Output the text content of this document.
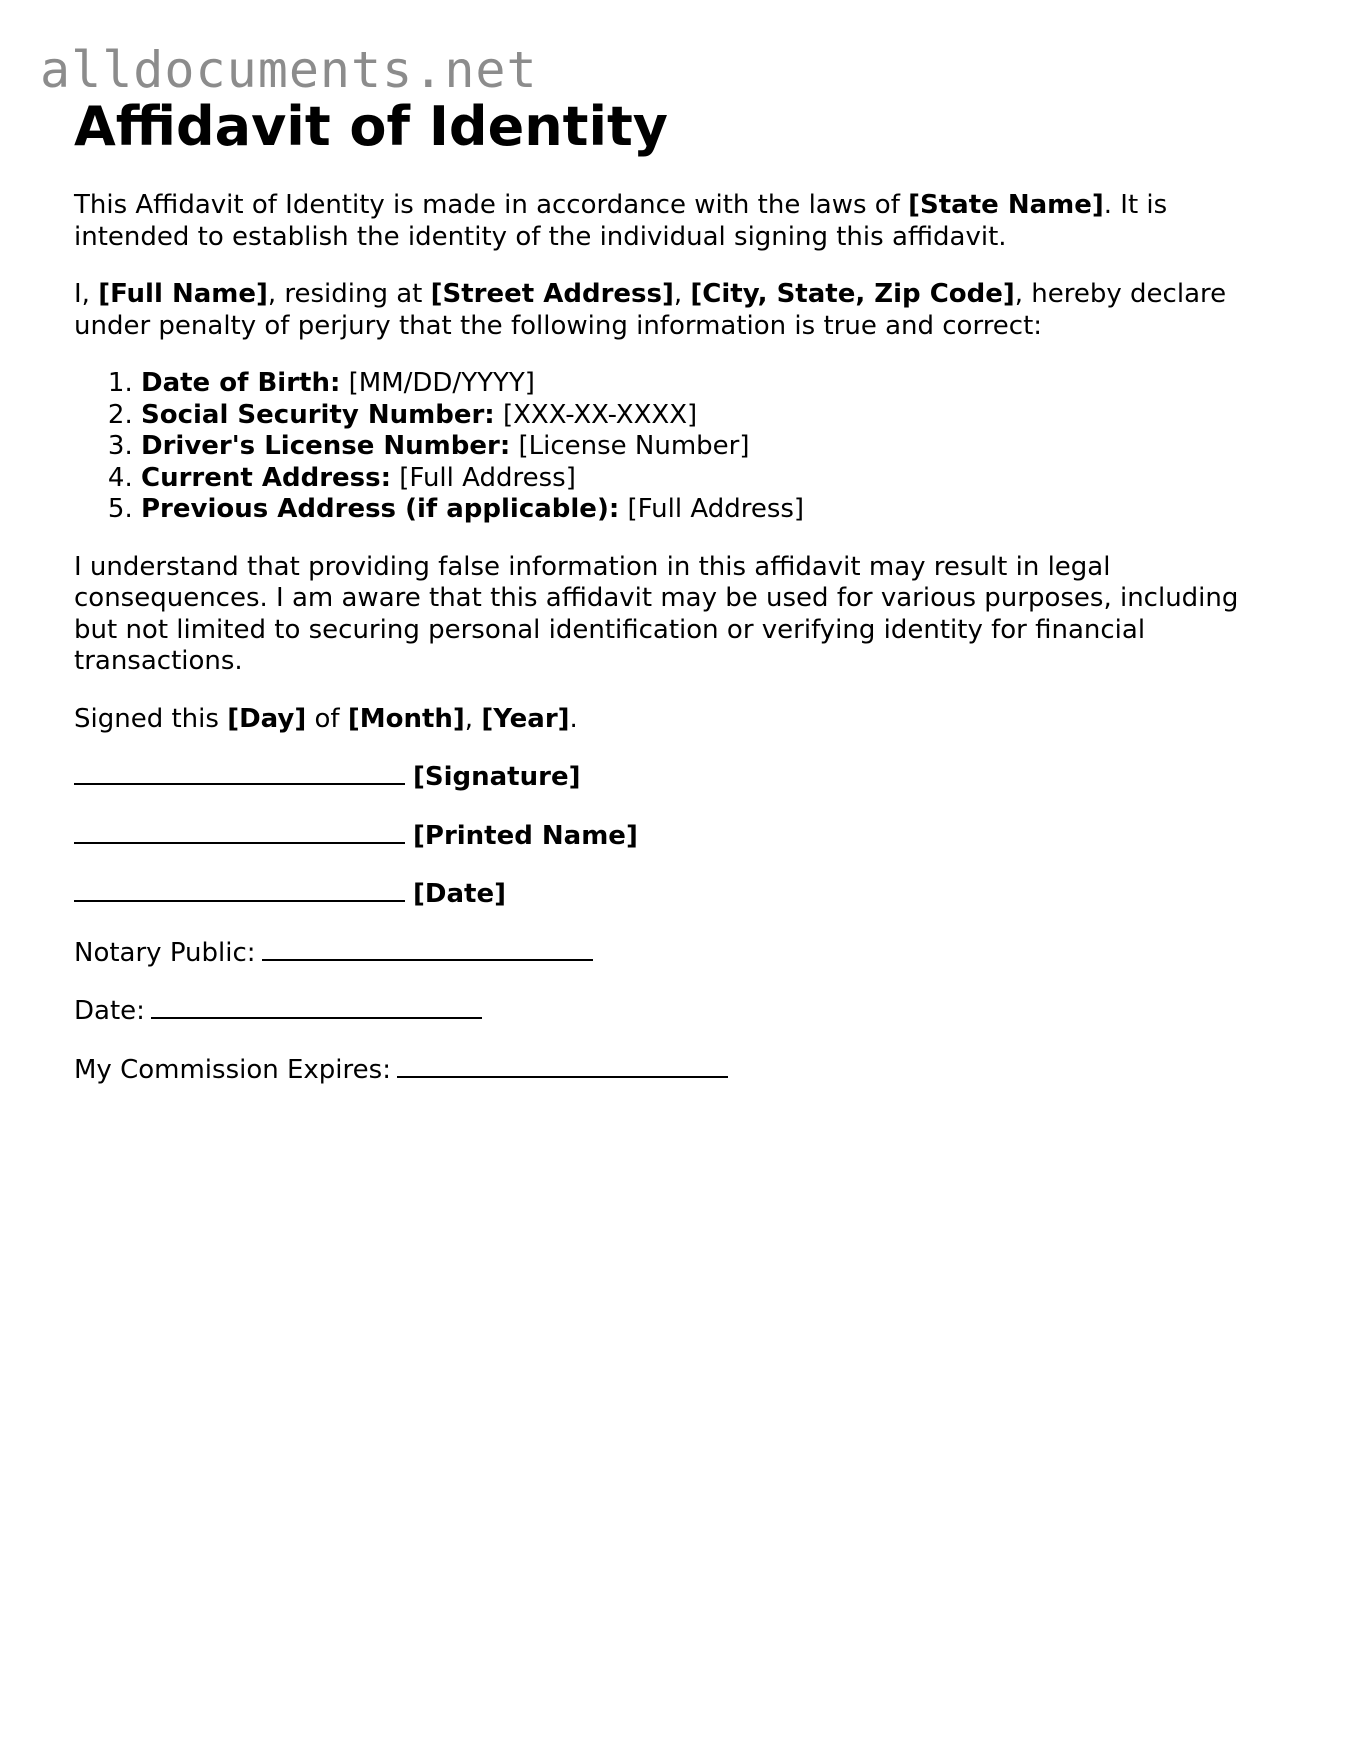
alldocuments.net
Affidavit of Identity

This Affidavit of Identity is made in accordance with the laws of [State Name]. It is intended to establish the identity of the individual signing this affidavit.

I, [Full Name], residing at [Street Address], [City, State, Zip Code], hereby declare under penalty of perjury that the following information is true and correct:

1. Date of Birth: [MM/DD/YYYY]
2. Social Security Number: [XXX-XX-XXXX]
3. Driver's License Number: [License Number]
4. Current Address: [Full Address]
5. Previous Address (if applicable): [Full Address]

I understand that providing false information in this affidavit may result in legal consequences. I am aware that this affidavit may be used for various purposes, including but not limited to securing personal identification or verifying identity for financial transactions.

Signed this [Day] of [Month], [Year].

[Signature]

[Printed Name]

[Date]

Notary Public:

Date:

My Commission Expires:
